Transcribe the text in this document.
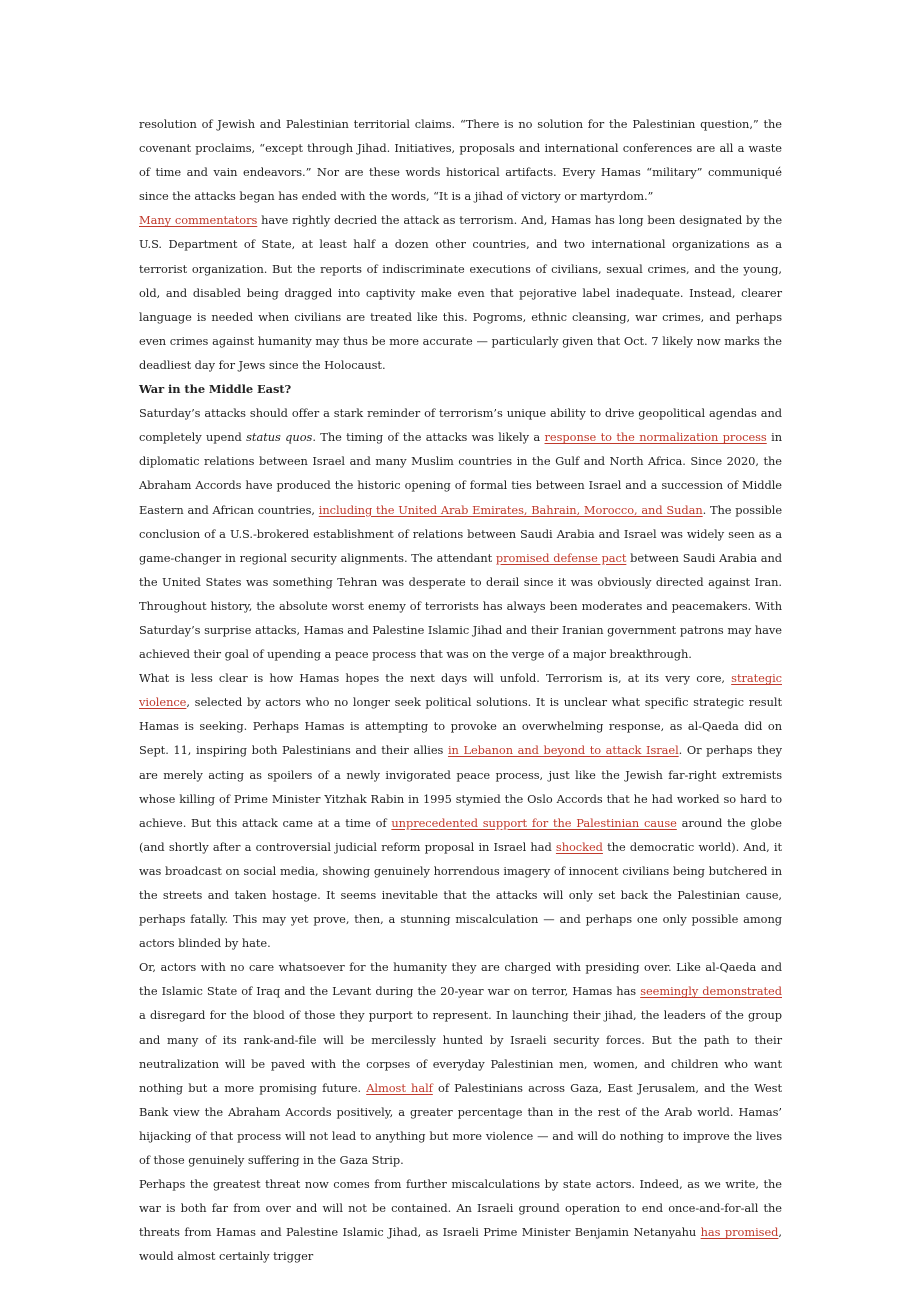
resolution of Jewish and Palestinian territorial claims. “There is no solution for the Palestinian question,” the covenant proclaims, “except through Jihad. Initiatives, proposals and international conferences are all a waste of time and vain endeavors.” Nor are these words historical artifacts. Every Hamas “military” communiqué since the attacks began has ended with the words, “It is a jihad of victory or martyrdom.”

Many commentators have rightly decried the attack as terrorism. And, Hamas has long been designated by the U.S. Department of State, at least half a dozen other countries, and two international organizations as a terrorist organization. But the reports of indiscriminate executions of civilians, sexual crimes, and the young, old, and disabled being dragged into captivity make even that pejorative label inadequate. Instead, clearer language is needed when civilians are treated like this. Pogroms, ethnic cleansing, war crimes, and perhaps even crimes against humanity may thus be more accurate — particularly given that Oct. 7 likely now marks the deadliest day for Jews since the Holocaust.

War in the Middle East?

Saturday’s attacks should offer a stark reminder of terrorism’s unique ability to drive geopolitical agendas and completely upend status quos. The timing of the attacks was likely a response to the normalization process in diplomatic relations between Israel and many Muslim countries in the Gulf and North Africa. Since 2020, the Abraham Accords have produced the historic opening of formal ties between Israel and a succession of Middle Eastern and African countries, including the United Arab Emirates, Bahrain, Morocco, and Sudan. The possible conclusion of a U.S.-brokered establishment of relations between Saudi Arabia and Israel was widely seen as a game-changer in regional security alignments. The attendant promised defense pact between Saudi Arabia and the United States was something Tehran was desperate to derail since it was obviously directed against Iran. Throughout history, the absolute worst enemy of terrorists has always been moderates and peacemakers. With Saturday’s surprise attacks, Hamas and Palestine Islamic Jihad and their Iranian government patrons may have achieved their goal of upending a peace process that was on the verge of a major breakthrough.

What is less clear is how Hamas hopes the next days will unfold. Terrorism is, at its very core, strategic violence, selected by actors who no longer seek political solutions. It is unclear what specific strategic result Hamas is seeking. Perhaps Hamas is attempting to provoke an overwhelming response, as al-Qaeda did on Sept. 11, inspiring both Palestinians and their allies in Lebanon and beyond to attack Israel. Or perhaps they are merely acting as spoilers of a newly invigorated peace process, just like the Jewish far-right extremists whose killing of Prime Minister Yitzhak Rabin in 1995 stymied the Oslo Accords that he had worked so hard to achieve. But this attack came at a time of unprecedented support for the Palestinian cause around the globe (and shortly after a controversial judicial reform proposal in Israel had shocked the democratic world). And, it was broadcast on social media, showing genuinely horrendous imagery of innocent civilians being butchered in the streets and taken hostage. It seems inevitable that the attacks will only set back the Palestinian cause, perhaps fatally. This may yet prove, then, a stunning miscalculation — and perhaps one only possible among actors blinded by hate.

Or, actors with no care whatsoever for the humanity they are charged with presiding over. Like al-Qaeda and the Islamic State of Iraq and the Levant during the 20-year war on terror, Hamas has seemingly demonstrated a disregard for the blood of those they purport to represent. In launching their jihad, the leaders of the group and many of its rank-and-file will be mercilessly hunted by Israeli security forces. But the path to their neutralization will be paved with the corpses of everyday Palestinian men, women, and children who want nothing but a more promising future. Almost half of Palestinians across Gaza, East Jerusalem, and the West Bank view the Abraham Accords positively, a greater percentage than in the rest of the Arab world. Hamas’ hijacking of that process will not lead to anything but more violence — and will do nothing to improve the lives of those genuinely suffering in the Gaza Strip.

Perhaps the greatest threat now comes from further miscalculations by state actors. Indeed, as we write, the war is both far from over and will not be contained. An Israeli ground operation to end once-and-for-all the threats from Hamas and Palestine Islamic Jihad, as Israeli Prime Minister Benjamin Netanyahu has promised, would almost certainly trigger
